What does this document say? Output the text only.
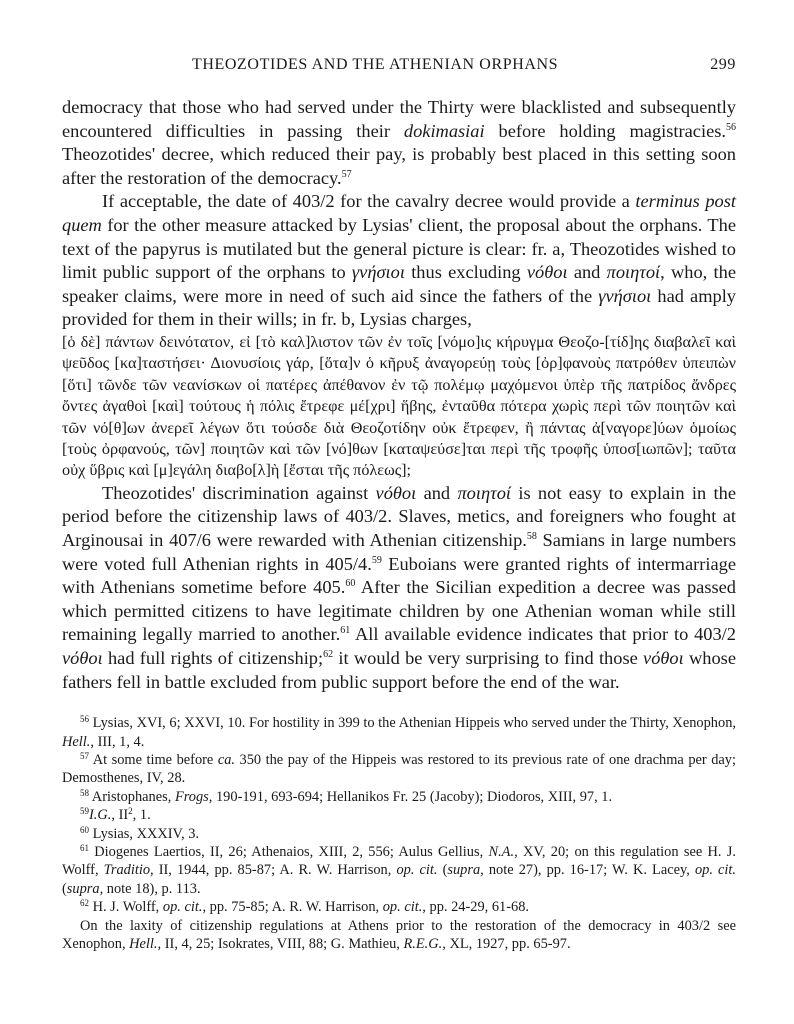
THEOZOTIDES AND THE ATHENIAN ORPHANS	299

democracy that those who had served under the Thirty were blacklisted and subsequently encountered difficulties in passing their dokimasiai before holding magistracies.$^{56}$ Theozotides' decree, which reduced their pay, is probably best placed in this setting soon after the restoration of the democracy.$^{57}$

If acceptable, the date of 403/2 for the cavalry decree would provide a terminus post quem for the other measure attacked by Lysias' client, the proposal about the orphans. The text of the papyrus is mutilated but the general picture is clear: fr. a, Theozotides wished to limit public support of the orphans to γνήσιοι thus excluding νόθοι and ποιητοί, who, the speaker claims, were more in need of such aid since the fathers of the γνήσιοι had amply provided for them in their wills; in fr. b, Lysias charges,

[ὁ δὲ] πάντων δεινότατον, εἰ [τὸ καλ]λιστον τῶν ἐν τοῖς [νόμο]ις κήρυγμα Θεοζο-[τίδ]ης διαβαλεῖ καὶ ψεῦδος [κα]ταστήσει· Διονυσίοις γάρ, [ὅτα]ν ὁ κῆρυξ ἀναγορεύῃ τοὺς [ὀρ]φανοὺς πατρόθεν ὑπειπὼν [ὅτι] τῶνδε τῶν νεανίσκων οἱ πατέρες ἀπέθανον ἐν τῷ πολέμῳ μαχόμενοι ὑπὲρ τῆς πατρίδος ἄνδρες ὄντες ἀγαθοὶ [καὶ] τούτους ἡ πόλις ἔτρεφε μέ[χρι] ἥβης, ἐνταῦθα πότερα χωρὶς περὶ τῶν ποιητῶν καὶ τῶν νό[θ]ων ἀνερεῖ λέγων ὅτι τούσδε διὰ Θεοζοτίδην οὐκ ἔτρεφεν, ἢ πάντας ἀ[ναγορε]ύων ὁμοίως [τοὺς ὀρφανούς, τῶν] ποιητῶν καὶ τῶν [νό]θων [καταψεύσε]ται περὶ τῆς τροφῆς ὑποσ[ιωπῶν]; ταῦτα οὐχ ὕβρις καὶ [μ]εγάλη διαβο[λ]ὴ [ἔσται τῆς πόλεως];

Theozotides' discrimination against νόθοι and ποιητοί is not easy to explain in the period before the citizenship laws of 403/2. Slaves, metics, and foreigners who fought at Arginousai in 407/6 were rewarded with Athenian citizenship.$^{58}$ Samians in large numbers were voted full Athenian rights in 405/4.59 Euboians were granted rights of intermarriage with Athenians sometime before 405.60 After the Sicilian expedition a decree was passed which permitted citizens to have legitimate children by one Athenian woman while still remaining legally married to another.$^{61}$ All available evidence indicates that prior to 403/2 νόθοι had full rights of citizenship;$^{62}$ it would be very surprising to find those νόθοι whose fathers fell in battle excluded from public support before the end of the war.

$^{56}$ Lysias, XVI, 6; XXVI, 10. For hostility in 399 to the Athenian Hippeis who served under the Thirty, Xenophon, Hell., III, 1, 4.

$^{57}$ At some time before ca. 350 the pay of the Hippeis was restored to its previous rate of one drachma per day; Demosthenes, IV, 28.

$^{58}$ Aristophanes, Frogs, 190-191, 693-694; Hellanikos Fr. 25 (Jacoby); Diodoros, XIII, 97, 1.

$^{59}$I.G., II$^2$, 1.

$^{60}$ Lysias, XXXIV, 3.

$^{61}$ Diogenes Laertios, II, 26; Athenaios, XIII, 2, 556; Aulus Gellius, N.A., XV, 20; on this regulation see H. J. Wolff, Traditio, II, 1944, pp. 85-87; A. R. W. Harrison, op. cit. (supra, note 27), pp. 16-17; W. K. Lacey, op. cit. (supra, note 18), p. 113.

$^{62}$ H. J. Wolff, op. cit., pp. 75-85; A. R. W. Harrison, op. cit., pp. 24-29, 61-68.

On the laxity of citizenship regulations at Athens prior to the restoration of the democracy in 403/2 see Xenophon, Hell., II, 4, 25; Isokrates, VIII, 88; G. Mathieu, R.E.G., XL, 1927, pp. 65-97.
